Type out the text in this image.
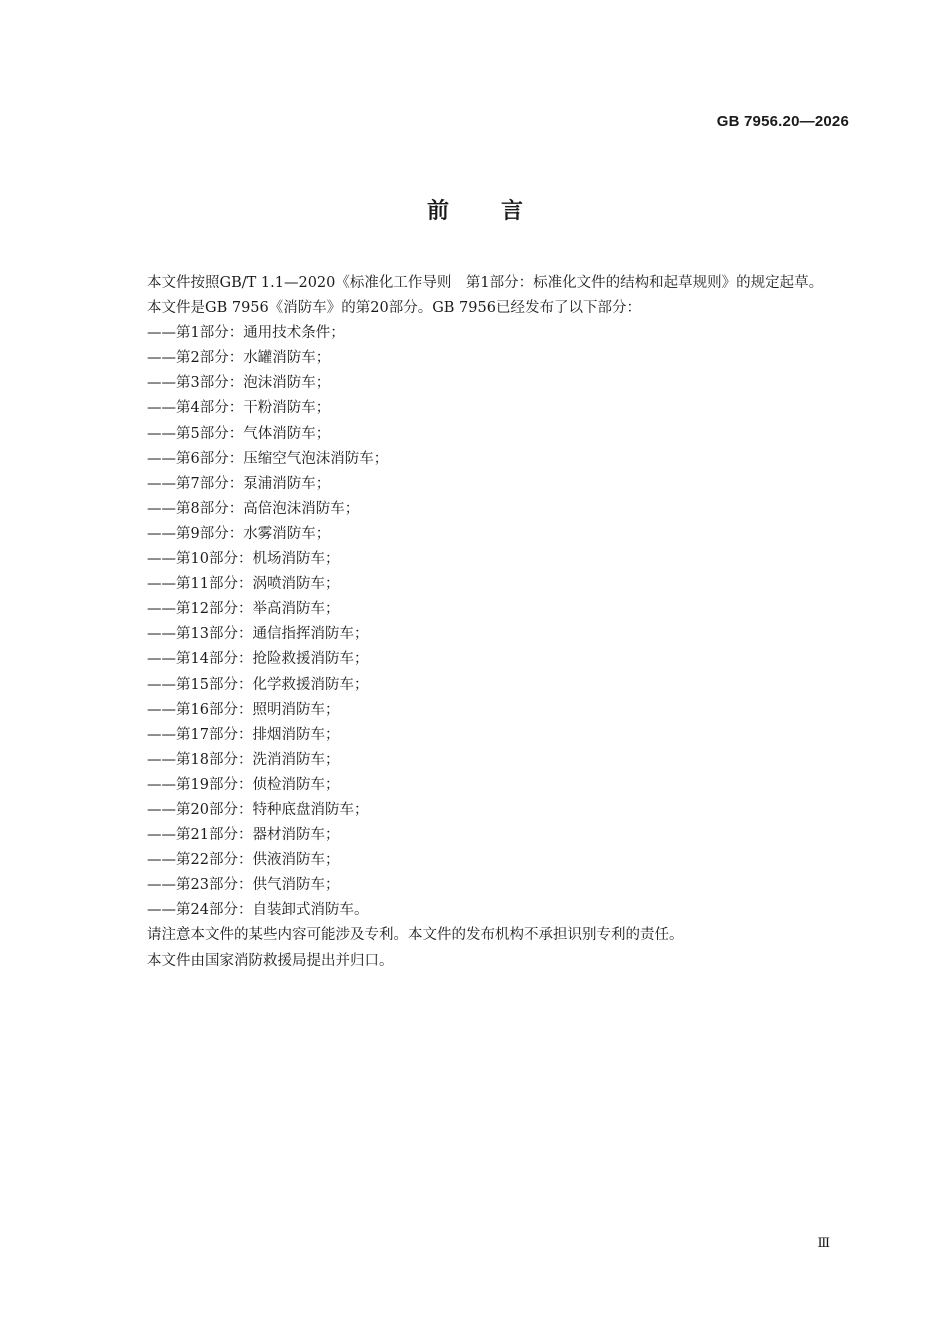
GB 7956.20—2026
前言

本文件按照GB/T 1.1—2020《标准化工作导则　第1部分：标准化文件的结构和起草规则》的规定起草。

本文件是GB 7956《消防车》的第20部分。GB 7956已经发布了以下部分：

——第1部分：通用技术条件；

——第2部分：水罐消防车；

——第3部分：泡沫消防车；

——第4部分：干粉消防车；

——第5部分：气体消防车；

——第6部分：压缩空气泡沫消防车；

——第7部分：泵浦消防车；

——第8部分：高倍泡沫消防车；

——第9部分：水雾消防车；

——第10部分：机场消防车；

——第11部分：涡喷消防车；

——第12部分：举高消防车；

——第13部分：通信指挥消防车；

——第14部分：抢险救援消防车；

——第15部分：化学救援消防车；

——第16部分：照明消防车；

——第17部分：排烟消防车；

——第18部分：洗消消防车；

——第19部分：侦检消防车；

——第20部分：特种底盘消防车；

——第21部分：器材消防车；

——第22部分：供液消防车；

——第23部分：供气消防车；

——第24部分：自装卸式消防车。

请注意本文件的某些内容可能涉及专利。本文件的发布机构不承担识别专利的责任。

本文件由国家消防救援局提出并归口。

Ⅲ
